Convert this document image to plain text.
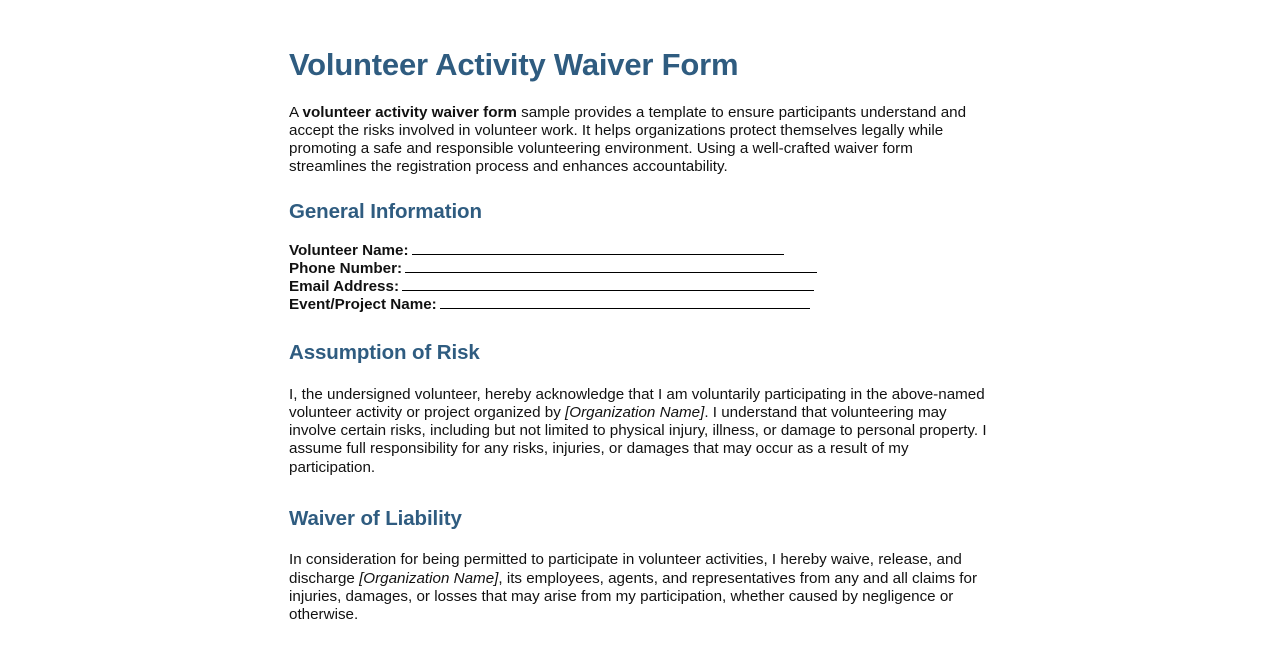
Volunteer Activity Waiver Form

A volunteer activity waiver form sample provides a template to ensure participants understand and accept the risks involved in volunteer work. It helps organizations protect themselves legally while promoting a safe and responsible volunteering environment. Using a well-crafted waiver form streamlines the registration process and enhances accountability.

General Information
Volunteer Name:
Phone Number:
Email Address:
Event/Project Name:
Assumption of Risk

I, the undersigned volunteer, hereby acknowledge that I am voluntarily participating in the above-named volunteer activity or project organized by [Organization Name]. I understand that volunteering may involve certain risks, including but not limited to physical injury, illness, or damage to personal property. I assume full responsibility for any risks, injuries, or damages that may occur as a result of my participation.

Waiver of Liability

In consideration for being permitted to participate in volunteer activities, I hereby waive, release, and discharge [Organization Name], its employees, agents, and representatives from any and all claims for injuries, damages, or losses that may arise from my participation, whether caused by negligence or otherwise.
